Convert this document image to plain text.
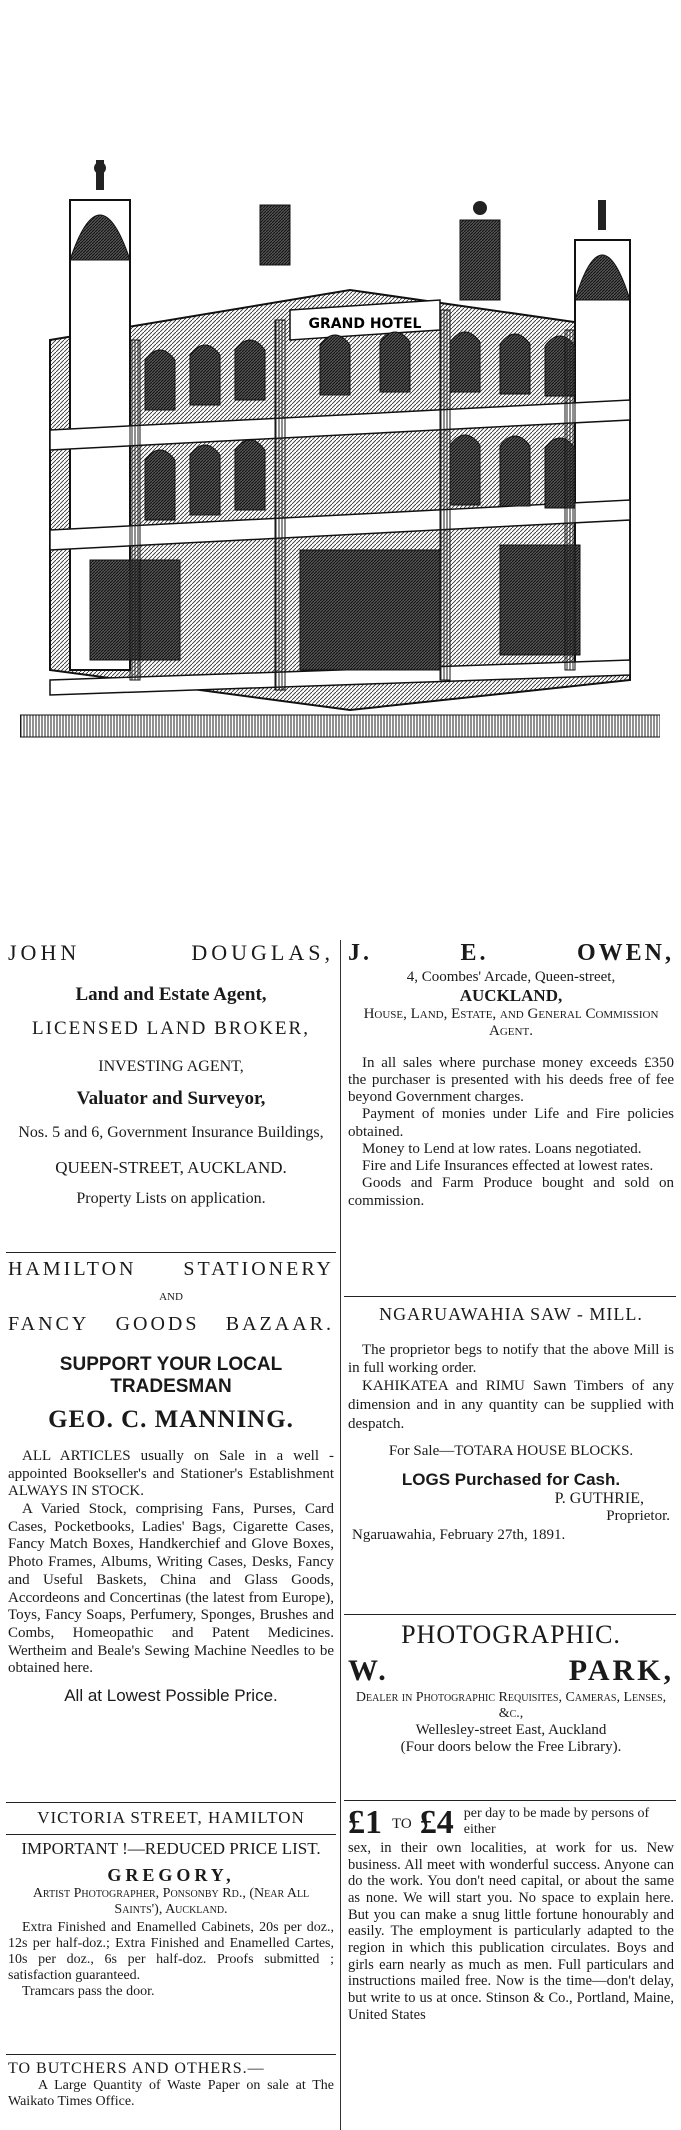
GRAND HOTEL
JOHN	DOUGLAS,

Land and Estate Agent,

LICENSED LAND BROKER,

INVESTING AGENT,

Valuator and Surveyor,

Nos. 5 and 6, Government Insurance Buildings,

QUEEN-STREET, AUCKLAND.

Property Lists on application.

HAMILTON STATIONERY

AND

FANCY GOODS BAZAAR.

SUPPORT YOUR LOCAL TRADESMAN

GEO. C. MANNING.

ALL ARTICLES usually on Sale in a well - appointed Bookseller's and Stationer's Establishment ALWAYS IN STOCK.

A Varied Stock, comprising Fans, Purses, Card Cases, Pocketbooks, Ladies' Bags, Cigarette Cases, Fancy Match Boxes, Handkerchief and Glove Boxes, Photo Frames, Albums, Writing Cases, Desks, Fancy and Useful Baskets, China and Glass Goods, Accordeons and Concertinas (the latest from Europe), Toys, Fancy Soaps, Perfumery, Sponges, Brushes and Combs, Homeopathic and Patent Medicines. Wertheim and Beale's Sewing Machine Needles to be obtained here.

All at Lowest Possible Price.

VICTORIA STREET, HAMILTON

IMPORTANT !—REDUCED PRICE LIST.

GREGORY,

Artist Photographer, Ponsonby Rd., (Near All Saints'), Auckland.

Extra Finished and Enamelled Cabinets, 20s per doz., 12s per half-doz.; Extra Finished and Enamelled Cartes, 10s per doz., 6s per half-doz. Proofs submitted ; satisfaction guaranteed.

Tramcars pass the door.

TO BUTCHERS AND OTHERS.—

A Large Quantity of Waste Paper on sale at The Waikato Times Office.

J.	E.	OWEN,

4, Coombes' Arcade, Queen-street,

AUCKLAND,

House, Land, Estate, and General Commission Agent.

In all sales where purchase money exceeds £350 the purchaser is presented with his deeds free of fee beyond Government charges.

Payment of monies under Life and Fire policies obtained.

Money to Lend at low rates. Loans negotiated.

Fire and Life Insurances effected at lowest rates.

Goods and Farm Produce bought and sold on commission.

NGARUAWAHIA SAW - MILL.

The proprietor begs to notify that the above Mill is in full working order.

KAHIKATEA and RIMU Sawn Timbers of any dimension and in any quantity can be supplied with despatch.

For Sale—TOTARA HOUSE BLOCKS.

LOGS Purchased for Cash.

P. GUTHRIE,

Proprietor.

Ngaruawahia, February 27th, 1891.

PHOTOGRAPHIC.

W.	PARK,

Dealer in Photographic Requisites, Cameras, Lenses, &c.,

Wellesley-street East, Auckland

(Four doors below the Free Library).

£1 TO £4 per day to be made by persons of either

sex, in their own localities, at work for us. New business. All meet with wonderful success. Anyone can do the work. You don't need capital, or about the same as none. We will start you. No space to explain here. But you can make a snug little fortune honourably and easily. The employment is particularly adapted to the region in which this publication circulates. Boys and girls earn nearly as much as men. Full particulars and instructions mailed free. Now is the time—don't delay, but write to us at once. Stinson & Co., Portland, Maine, United States
